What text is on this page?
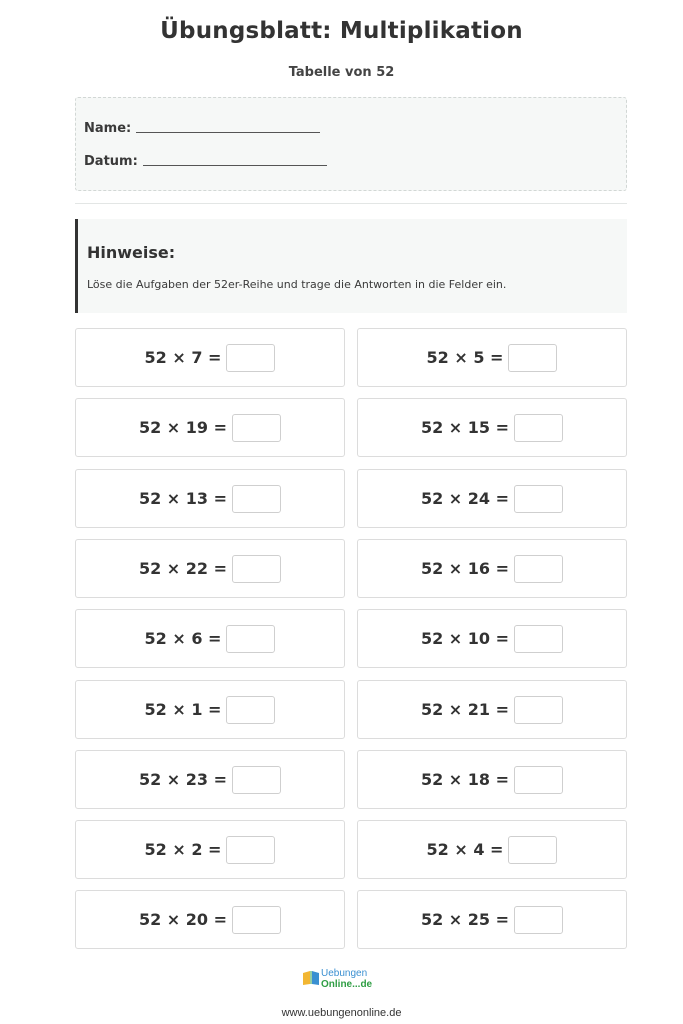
Übungsblatt: Multiplikation
Tabelle von 52
Name:
Datum:
Hinweise:
Löse die Aufgaben der 52er-Reihe und trage die Antworten in die Felder ein.
52 × 7 =	52 × 5 =
52 × 19 =	52 × 15 =
52 × 13 =	52 × 24 =
52 × 22 =	52 × 16 =
52 × 6 =	52 × 10 =
52 × 1 =	52 × 21 =
52 × 23 =	52 × 18 =
52 × 2 =	52 × 4 =
52 × 20 =	52 × 25 =
Uebungen
Online...de
www.uebungenonline.de
